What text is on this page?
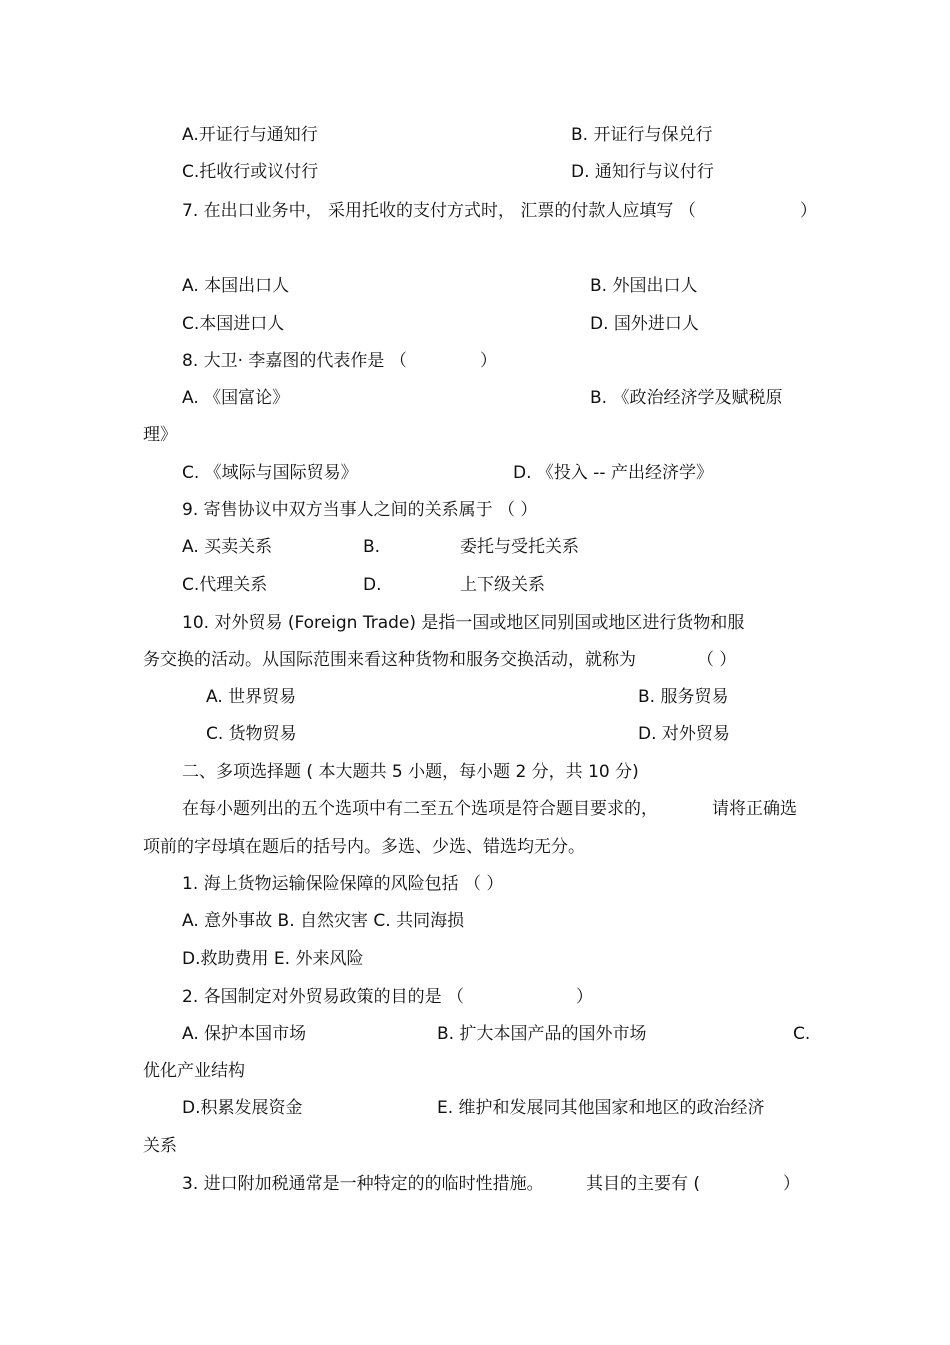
A.开证行与通知行	B. 开证行与保兑行
C.托收行或议付行	D. 通知行与议付行
7. 在出口业务中， 采用托收的支付方式时， 汇票的付款人应填写 （	）
A. 本国出口人	B. 外国出口人
C.本国进口人	D. 国外进口人
8. 大卫· 李嘉图的代表作是 （	）
A. 《国富论》	B. 《政治经济学及赋税原
理》
C. 《域际与国际贸易》	D. 《投入 -- 产出经济学》
9. 寄售协议中双方当事人之间的关系属于 （ ）
A. 买卖关系	B.	委托与受托关系
C.代理关系	D.	上下级关系
10. 对外贸易 (Foreign Trade) 是指一国或地区同别国或地区进行货物和服
务交换的活动。从国际范围来看这种货物和服务交换活动，就称为	（ ）
A. 世界贸易	B. 服务贸易
C. 货物贸易	D. 对外贸易
二、多项选择题 ( 本大题共 5 小题，每小题 2 分，共 10 分)
在每小题列出的五个选项中有二至五个选项是符合题目要求的，	请将正确选
项前的字母填在题后的括号内。多选、少选、错选均无分。
1. 海上货物运输保险保障的风险包括 （ ）
A. 意外事故 B. 自然灾害 C. 共同海损
D.救助费用 E. 外来风险
2. 各国制定对外贸易政策的目的是 （	）
A. 保护本国市场	B. 扩大本国产品的国外市场	C.
优化产业结构
D.积累发展资金	E. 维护和发展同其他国家和地区的政治经济
关系
3. 进口附加税通常是一种特定的的临时性措施。 其目的主要有 (	）
